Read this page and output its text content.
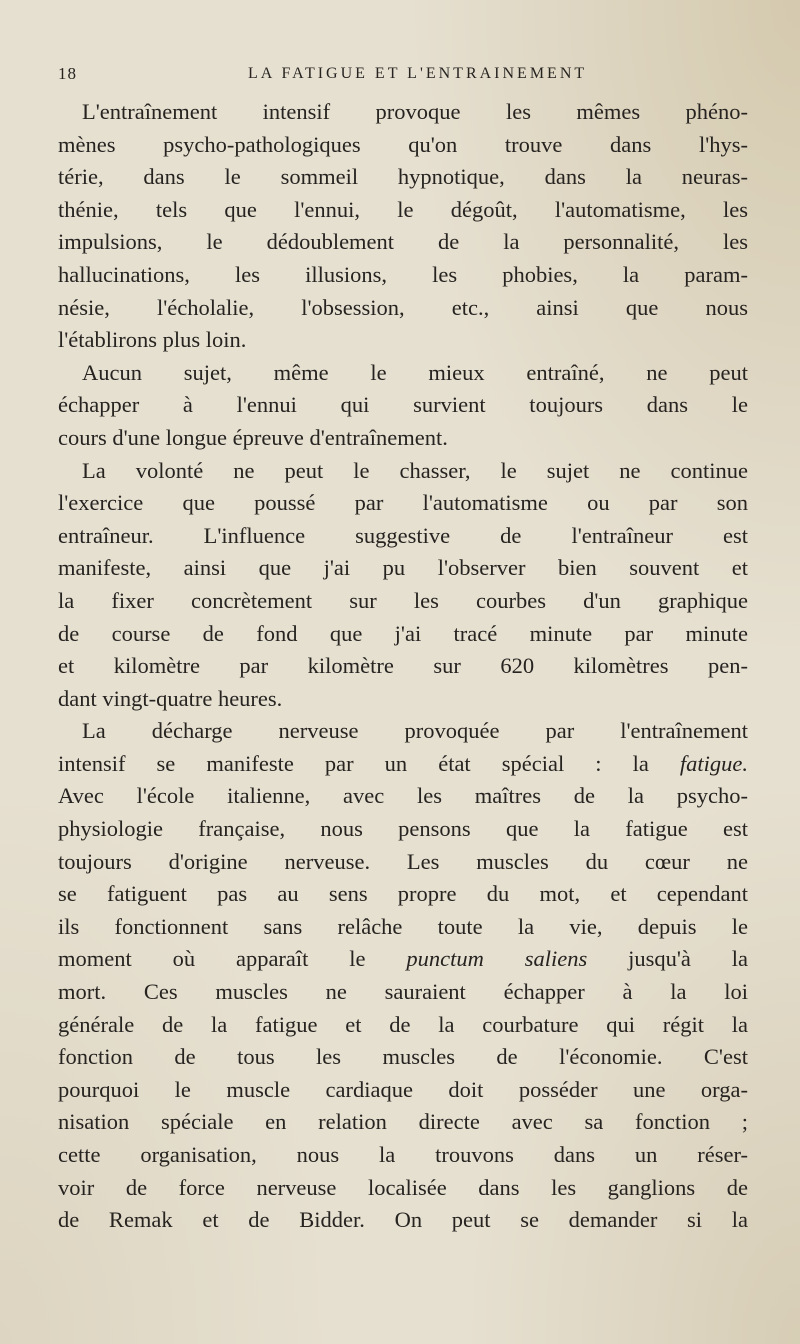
18	LA FATIGUE ET L'ENTRAINEMENT
L'entraînement intensif provoque les mêmes phéno-
mènes psycho-pathologiques qu'on trouve dans l'hys-
térie, dans le sommeil hypnotique, dans la neuras-
thénie, tels que l'ennui, le dégoût, l'automatisme, les
impulsions, le dédoublement de la personnalité, les
hallucinations, les illusions, les phobies, la param-
nésie, l'écholalie, l'obsession, etc., ainsi que nous
l'établirons plus loin.
Aucun sujet, même le mieux entraîné, ne peut
échapper à l'ennui qui survient toujours dans le
cours d'une longue épreuve d'entraînement.
La volonté ne peut le chasser, le sujet ne continue
l'exercice que poussé par l'automatisme ou par son
entraîneur. L'influence suggestive de l'entraîneur est
manifeste, ainsi que j'ai pu l'observer bien souvent et
la fixer concrètement sur les courbes d'un graphique
de course de fond que j'ai tracé minute par minute
et kilomètre par kilomètre sur 620 kilomètres pen-
dant vingt-quatre heures.
La décharge nerveuse provoquée par l'entraînement
intensif se manifeste par un état spécial : la fatigue.
Avec l'école italienne, avec les maîtres de la psycho-
physiologie française, nous pensons que la fatigue est
toujours d'origine nerveuse. Les muscles du cœur ne
se fatiguent pas au sens propre du mot, et cependant
ils fonctionnent sans relâche toute la vie, depuis le
moment où apparaît le punctum saliens jusqu'à la
mort. Ces muscles ne sauraient échapper à la loi
générale de la fatigue et de la courbature qui régit la
fonction de tous les muscles de l'économie. C'est
pourquoi le muscle cardiaque doit posséder une orga-
nisation spéciale en relation directe avec sa fonction ;
cette organisation, nous la trouvons dans un réser-
voir de force nerveuse localisée dans les ganglions de
de Remak et de Bidder. On peut se demander si la
